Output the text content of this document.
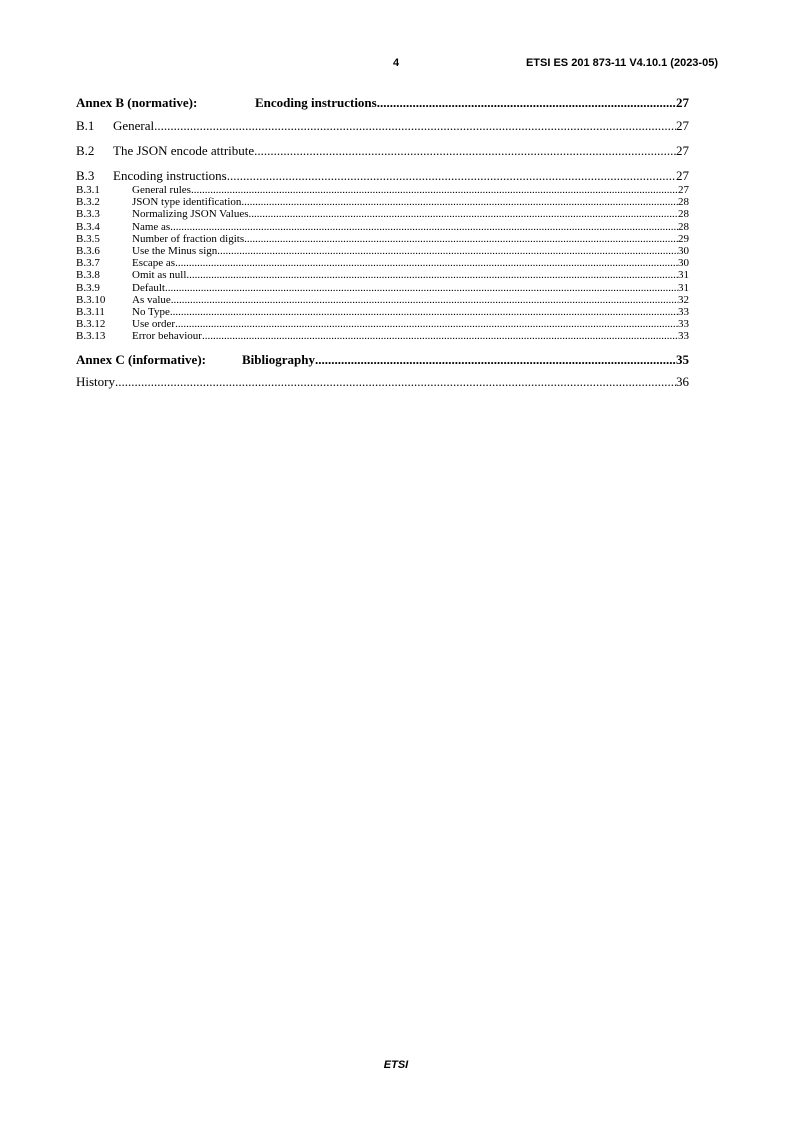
4	ETSI ES 201 873-11 V4.10.1 (2023-05)
Annex B (normative):	Encoding instructions .....	27
B.1	General .....	27
B.2	The JSON encode attribute .....	27
B.3	Encoding instructions .....	27
B.3.1	General rules .....	27
B.3.2	JSON type identification .....	28
B.3.3	Normalizing JSON Values .....	28
B.3.4	Name as .....	28
B.3.5	Number of fraction digits .....	29
B.3.6	Use the Minus sign .....	30
B.3.7	Escape as .....	30
B.3.8	Omit as null .....	31
B.3.9	Default .....	31
B.3.10	As value .....	32
B.3.11	No Type .....	33
B.3.12	Use order .....	33
B.3.13	Error behaviour .....	33
Annex C (informative):	Bibliography .....	35
History .....	36
ETSI
